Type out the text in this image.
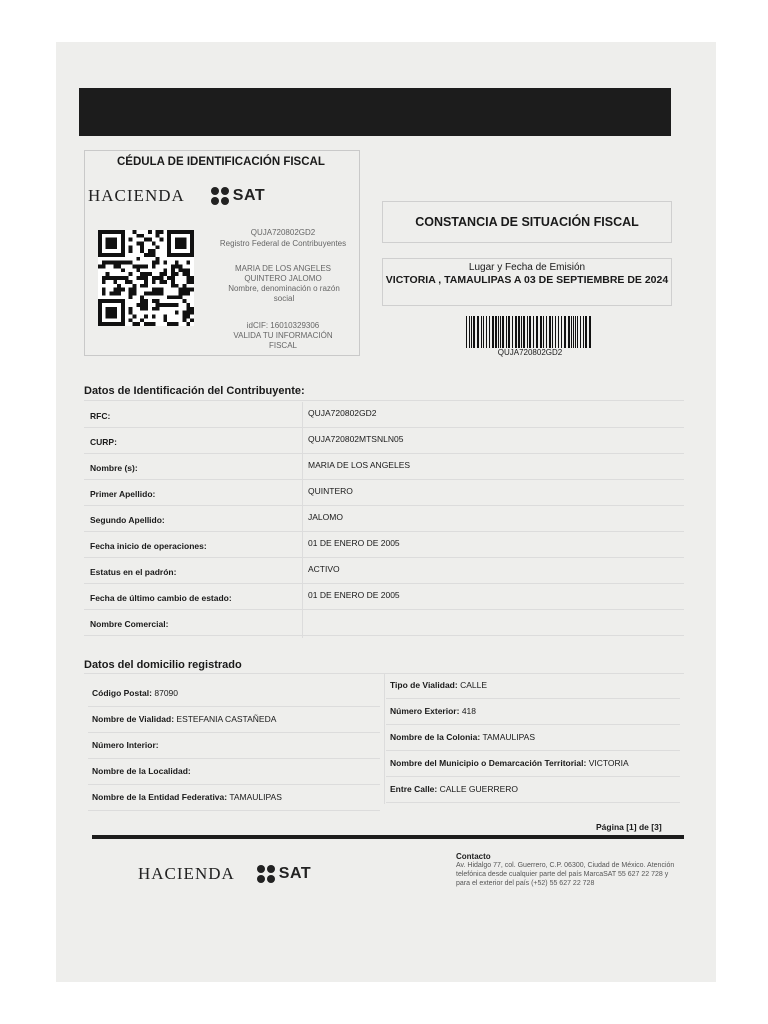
CÉDULA DE IDENTIFICACIÓN FISCAL
HACIENDA	SAT
QUJA720802GD2
Registro Federal de Contribuyentes
MARIA DE LOS ANGELES
QUINTERO JALOMO
Nombre, denominación o razón social
idCIF: 16010329306
VALIDA TU INFORMACIÓN FISCAL
CONSTANCIA DE SITUACIÓN FISCAL
Lugar y Fecha de Emisión
VICTORIA , TAMAULIPAS A 03 DE SEPTIEMBRE DE 2024
QUJA720802GD2
Datos de Identificación del Contribuyente:
RFC:	QUJA720802GD2
CURP:	QUJA720802MTSNLN05
Nombre (s):	MARIA DE LOS ANGELES
Primer Apellido:	QUINTERO
Segundo Apellido:	JALOMO
Fecha inicio de operaciones:	01 DE ENERO DE 2005
Estatus en el padrón:	ACTIVO
Fecha de último cambio de estado:	01 DE ENERO DE 2005
Nombre Comercial:
Datos del domicilio registrado
Código Postal: 87090
Nombre de Vialidad: ESTEFANIA CASTAÑEDA
Número Interior:
Nombre de la Localidad:
Nombre de la Entidad Federativa: TAMAULIPAS
Tipo de Vialidad: CALLE
Número Exterior: 418
Nombre de la Colonia: TAMAULIPAS
Nombre del Municipio o Demarcación Territorial: VICTORIA
Entre Calle: CALLE GUERRERO
Página [1] de [3]
HACIENDA	SAT
Contacto
Av. Hidalgo 77, col. Guerrero, C.P. 06300, Ciudad de México. Atención telefónica desde cualquier parte del país MarcaSAT 55 627 22 728 y para el exterior del país (+52) 55 627 22 728
